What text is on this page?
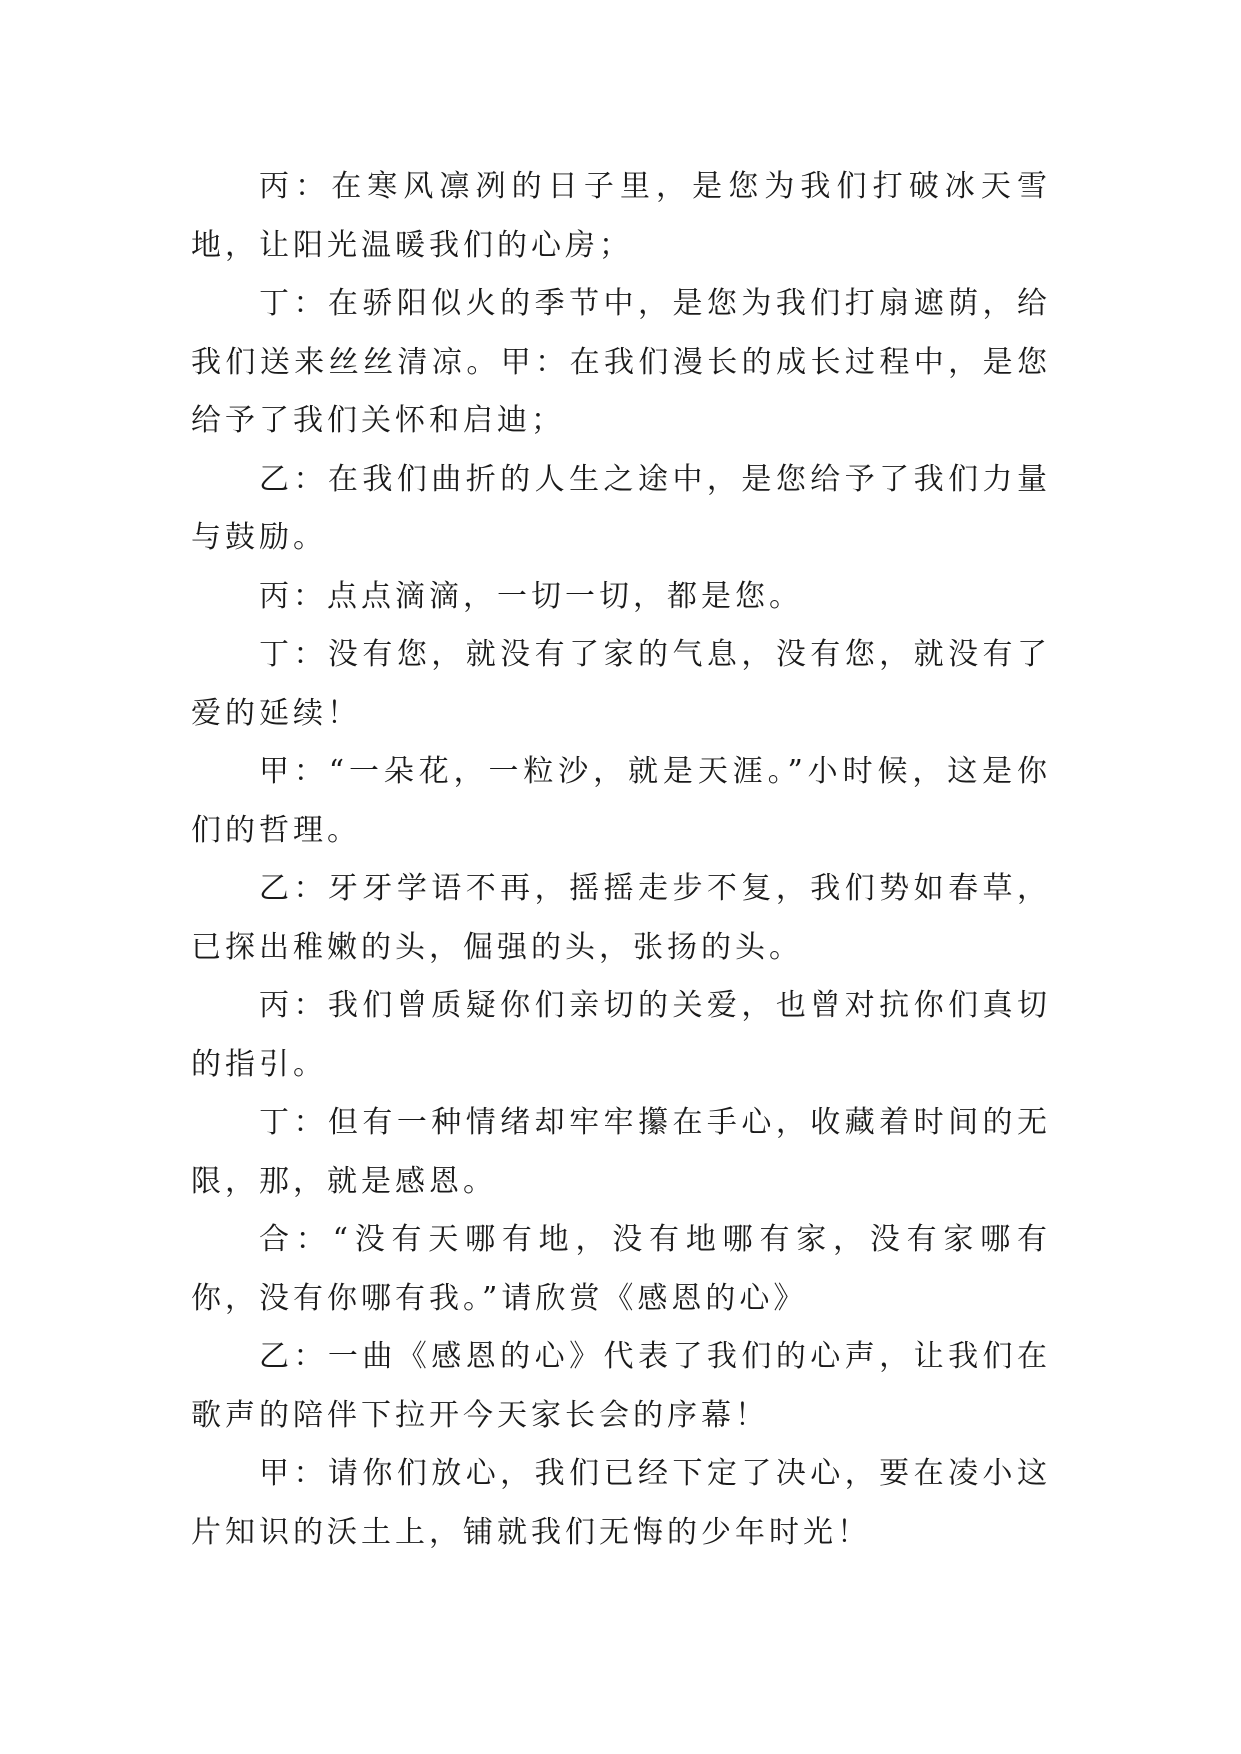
丙：在寒风凛冽的日子里，是您为我们打破冰天雪地，让阳光温暖我们的心房；

丁：在骄阳似火的季节中，是您为我们打扇遮荫，给我们送来丝丝清凉。甲：在我们漫长的成长过程中，是您给予了我们关怀和启迪；

乙：在我们曲折的人生之途中，是您给予了我们力量与鼓励。

丙：点点滴滴，一切一切，都是您。

丁：没有您，就没有了家的气息，没有您，就没有了爱的延续！

甲：“一朵花，一粒沙，就是天涯。”小时候，这是你们的哲理。

乙：牙牙学语不再，摇摇走步不复，我们势如春草，已探出稚嫩的头，倔强的头，张扬的头。

丙：我们曾质疑你们亲切的关爱，也曾对抗你们真切的指引。

丁：但有一种情绪却牢牢攥在手心，收藏着时间的无限，那，就是感恩。

合：“没有天哪有地，没有地哪有家，没有家哪有你，没有你哪有我。”请欣赏《感恩的心》

乙：一曲《感恩的心》代表了我们的心声，让我们在歌声的陪伴下拉开今天家长会的序幕！

甲：请你们放心，我们已经下定了决心，要在凌小这片知识的沃土上，铺就我们无悔的少年时光！
